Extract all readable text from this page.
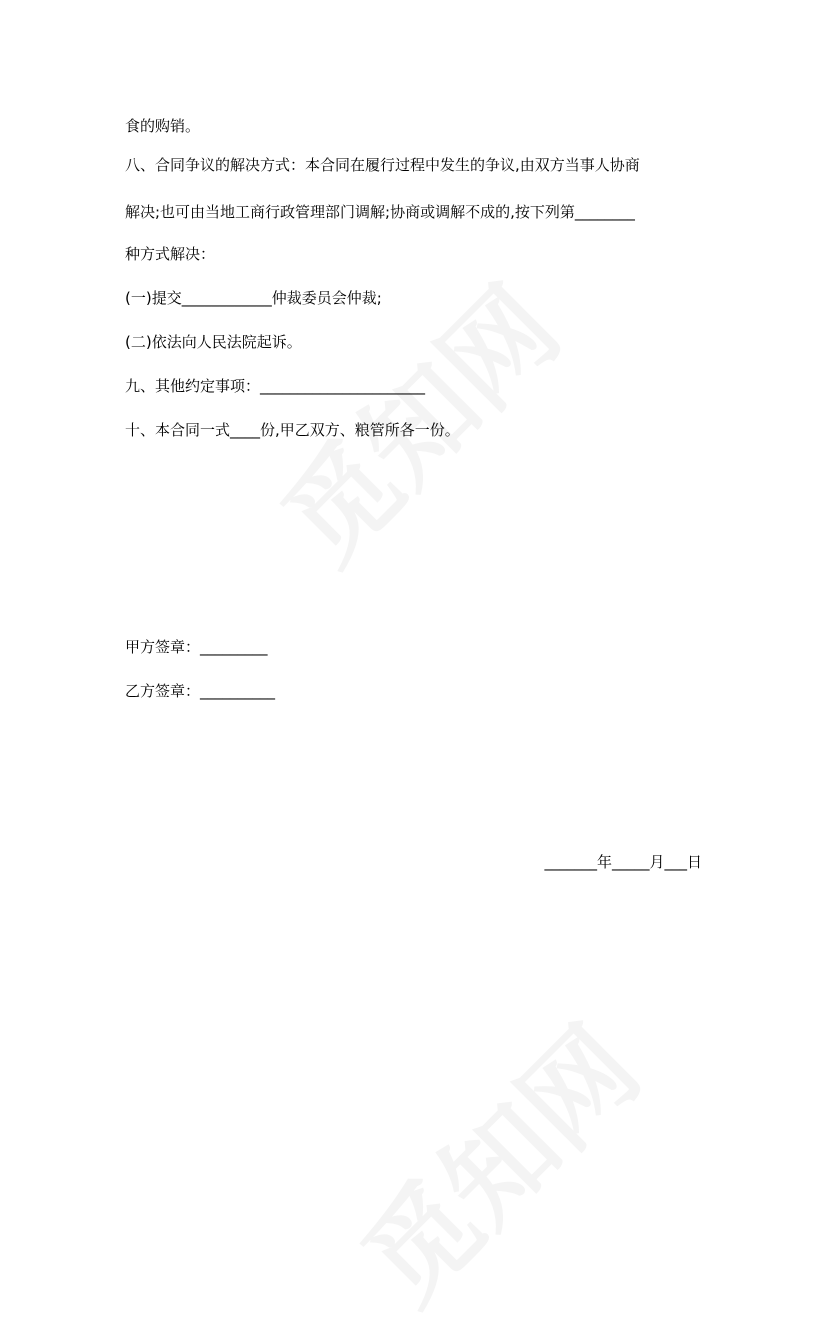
食的购销。
八、合同争议的解决方式：本合同在履行过程中发生的争议,由双方当事人协商
解决;也可由当地工商行政管理部门调解;协商或调解不成的,按下列第________
种方式解决：
(一)提交____________仲裁委员会仲裁;
(二)依法向人民法院起诉。
九、其他约定事项：______________________
十、本合同一式____份,甲乙双方、粮管所各一份。
甲方签章：_________
乙方签章：__________
_______年_____月___日
